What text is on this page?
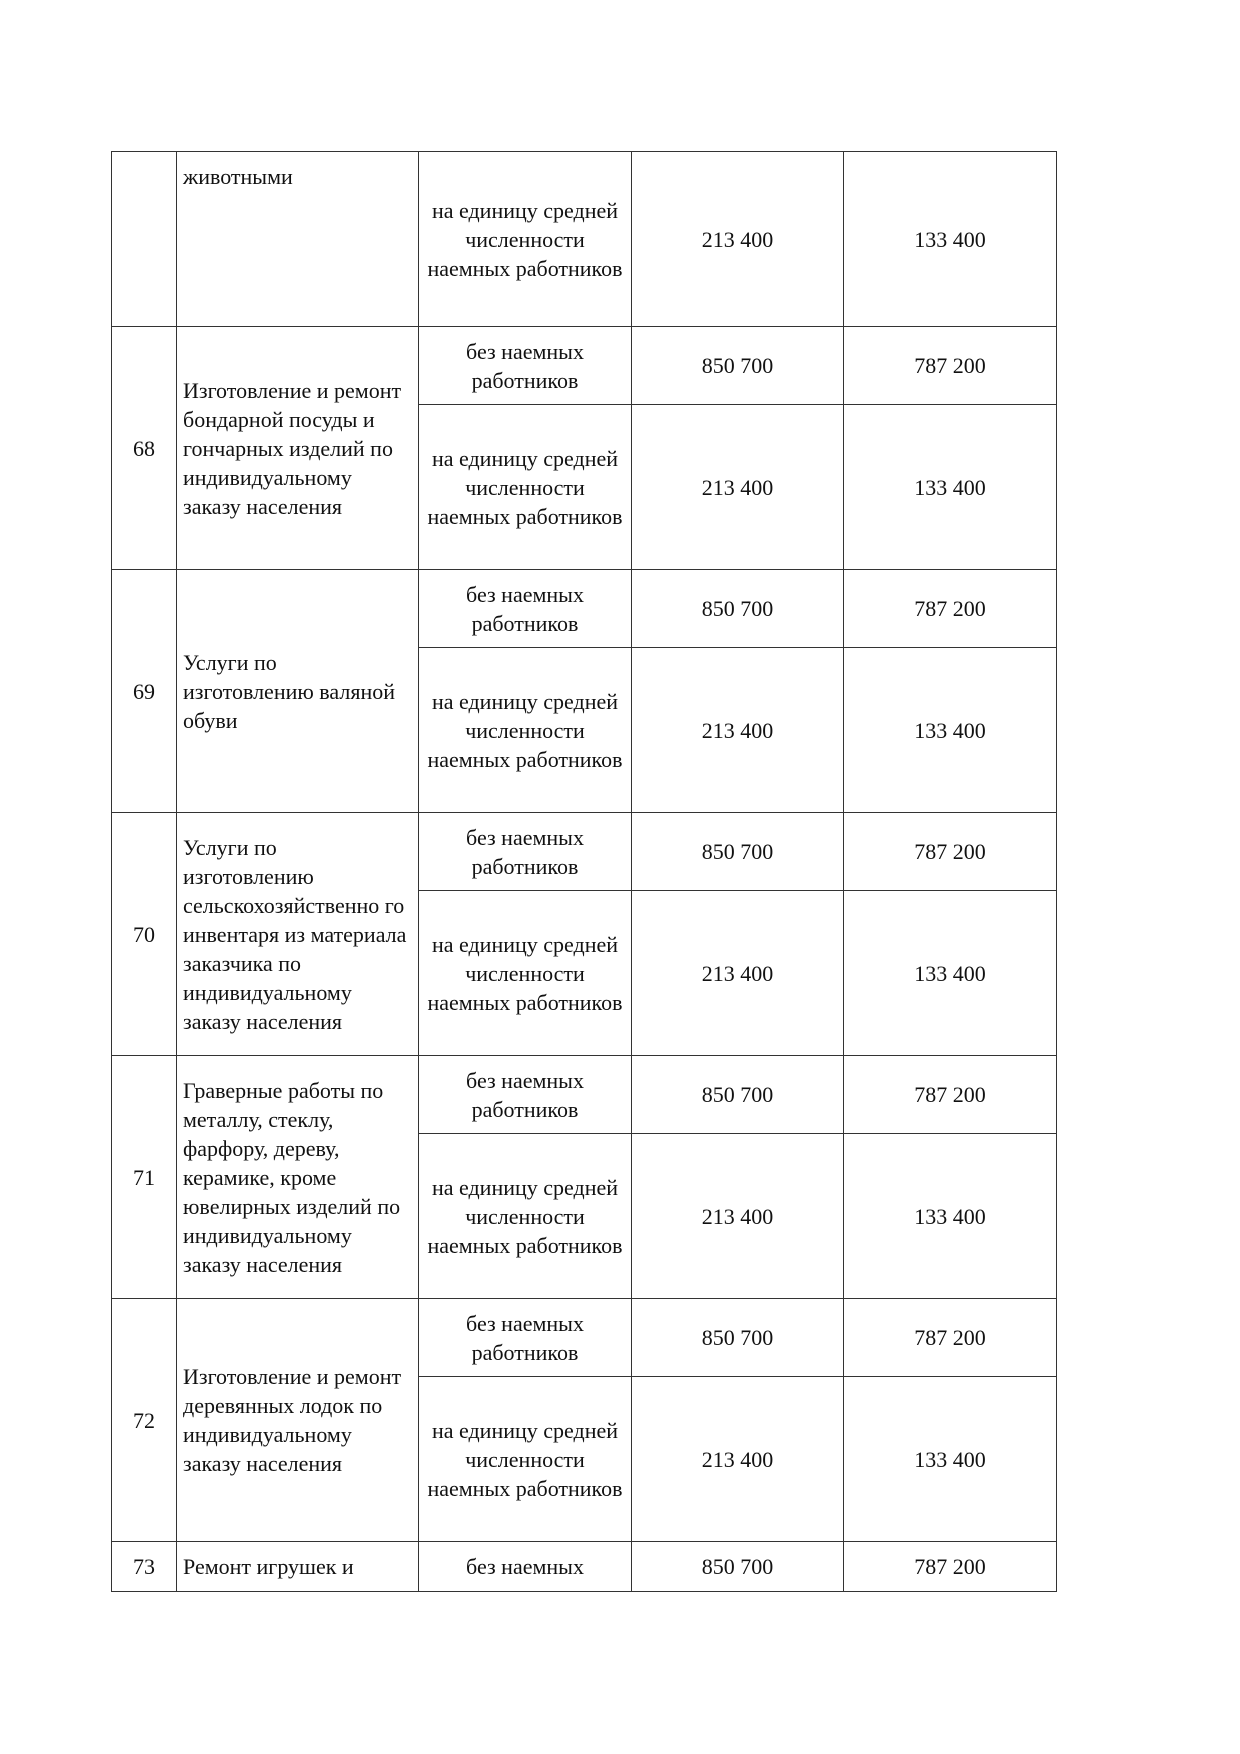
	животными	на единицу средней численности наемных работников	213 400	133 400
68	Изготовление и ремонт бондарной посуды и гончарных изделий по индивидуальному заказу населения	без наемных работников	850 700	787 200
		на единицу средней численности наемных работников	213 400	133 400
69	Услуги по изготовлению валяной обуви	без наемных работников	850 700	787 200
		на единицу средней численности наемных работников	213 400	133 400
70	Услуги по изготовлению сельскохозяйственно го инвентаря из материала заказчика по индивидуальному заказу населения	без наемных работников	850 700	787 200
		на единицу средней численности наемных работников	213 400	133 400
71	Граверные работы по металлу, стеклу, фарфору, дереву, керамике, кроме ювелирных изделий по индивидуальному заказу населения	без наемных работников	850 700	787 200
		на единицу средней численности наемных работников	213 400	133 400
72	Изготовление и ремонт деревянных лодок по индивидуальному заказу населения	без наемных работников	850 700	787 200
		на единицу средней численности наемных работников	213 400	133 400
73	Ремонт игрушек и	без наемных	850 700	787 200
